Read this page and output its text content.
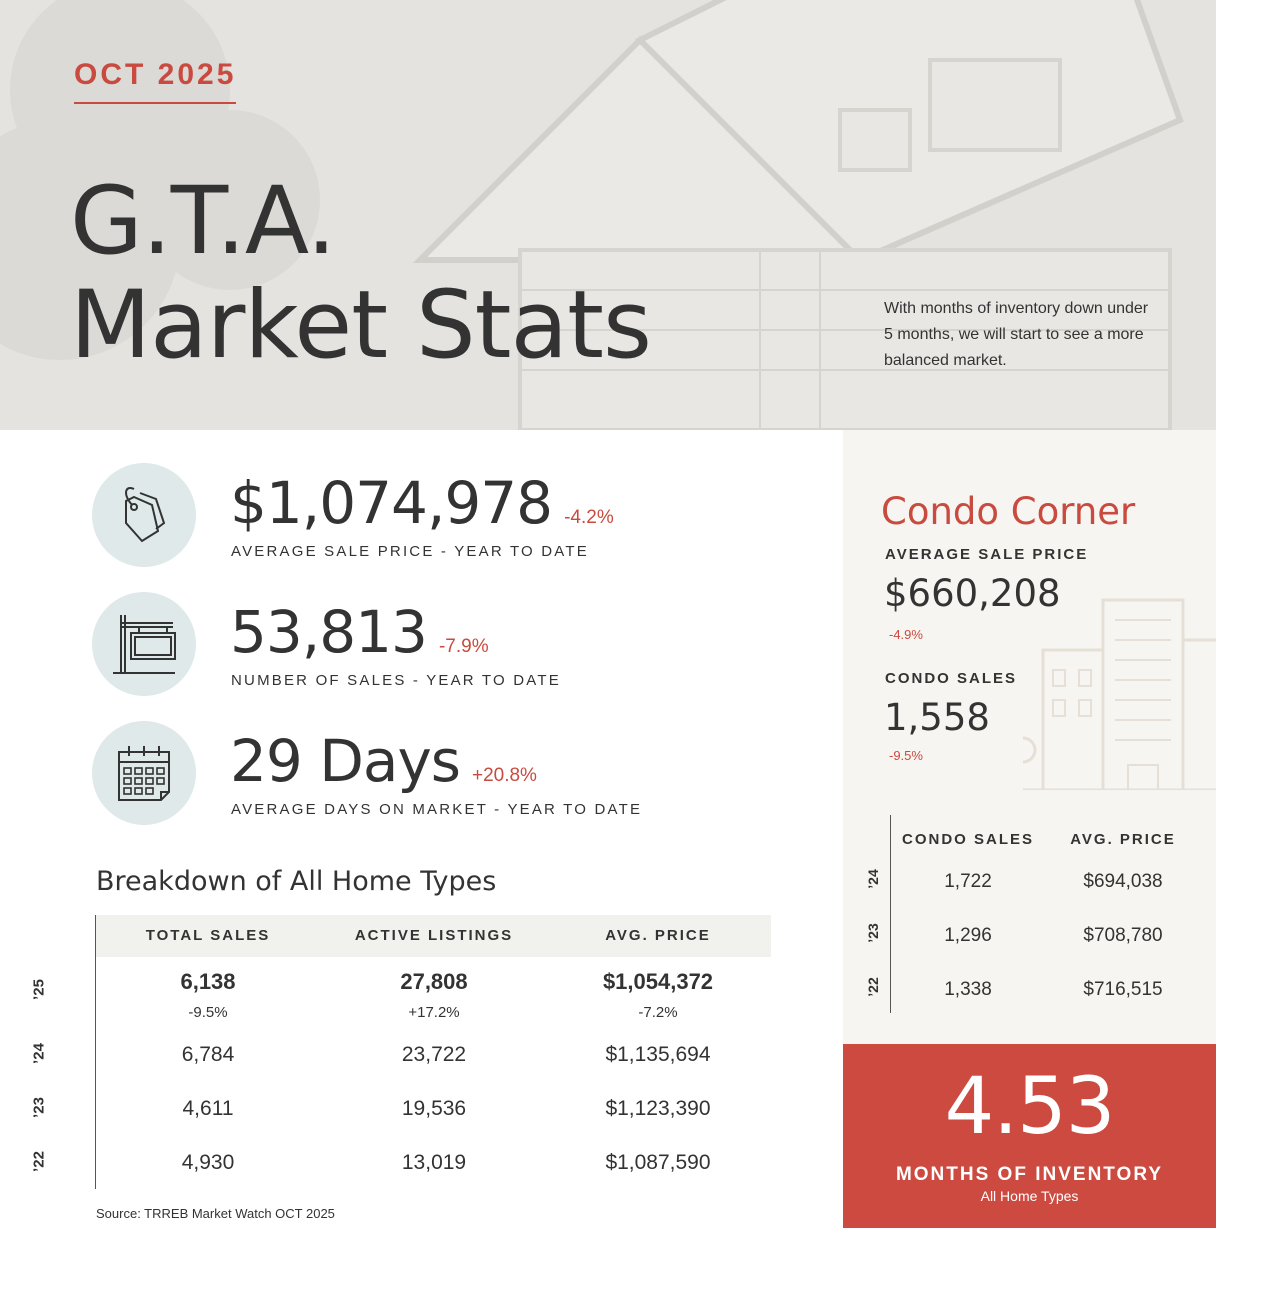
OCT 2025
G.T.A.
Market Stats	With months of inventory down under 5 months, we will start to see a more balanced market.
$1,074,978 -4.2%
AVERAGE SALE PRICE - YEAR TO DATE
53,813 -7.9%
NUMBER OF SALES - YEAR TO DATE
29 Days +20.8%
AVERAGE DAYS ON MARKET - YEAR TO DATE
Breakdown of All Home Types
TOTAL SALES	ACTIVE LISTINGS	AVG. PRICE
’25	6,138	27,808	$1,054,372
-9.5%	+17.2%	-7.2%
’24	6,784	23,722	$1,135,694
’23	4,611	19,536	$1,123,390
’22	4,930	13,019	$1,087,590
Source: TRREB Market Watch OCT 2025
Condo Corner
AVERAGE SALE PRICE
$660,208
-4.9%
CONDO SALES
1,558
-9.5%
CONDO SALES	AVG. PRICE
’24	1,722	$694,038
’23	1,296	$708,780
’22	1,338	$716,515
4.53
MONTHS OF INVENTORY
All Home Types
